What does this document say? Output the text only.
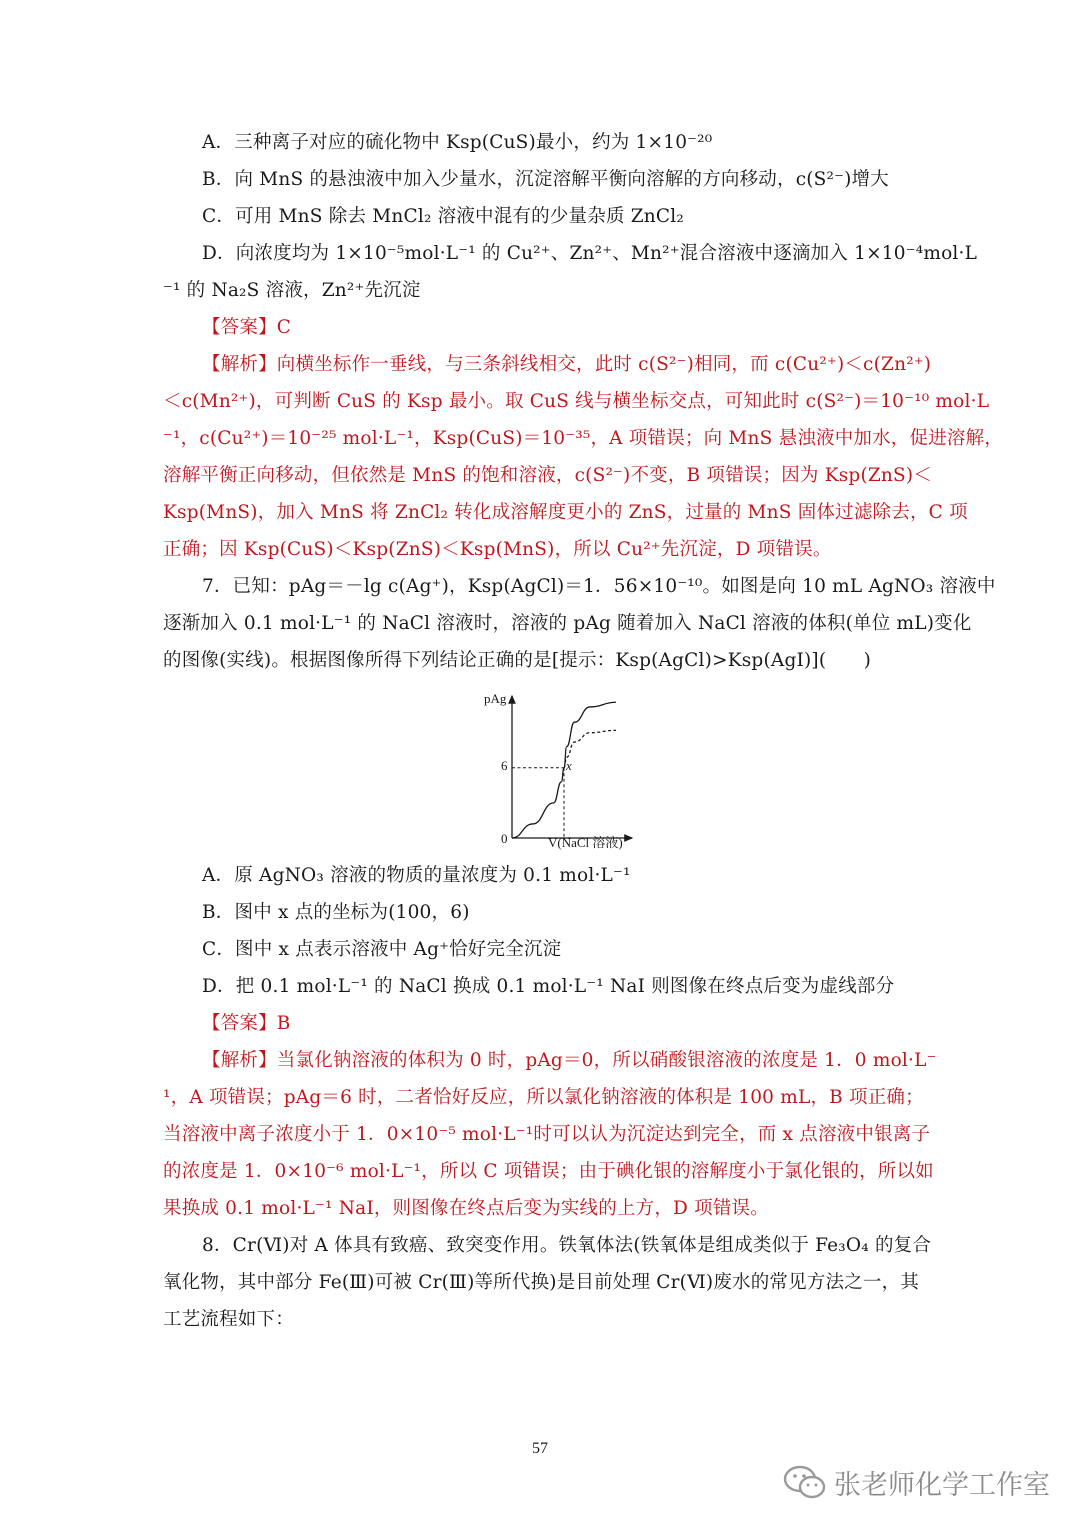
A．三种离子对应的硫化物中 Ksp(CuS)最小，约为 1×10⁻²⁰
B．向 MnS 的悬浊液中加入少量水，沉淀溶解平衡向溶解的方向移动，c(S²⁻)增大
C．可用 MnS 除去 MnCl₂ 溶液中混有的少量杂质 ZnCl₂
D．向浓度均为 1×10⁻⁵mol·L⁻¹ 的 Cu²⁺、Zn²⁺、Mn²⁺混合溶液中逐滴加入 1×10⁻⁴mol·L
⁻¹ 的 Na₂S 溶液，Zn²⁺先沉淀
【答案】C
【解析】向横坐标作一垂线，与三条斜线相交，此时 c(S²⁻)相同，而 c(Cu²⁺)＜c(Zn²⁺)
＜c(Mn²⁺)，可判断 CuS 的 Ksp 最小。取 CuS 线与横坐标交点，可知此时 c(S²⁻)＝10⁻¹⁰ mol·L
⁻¹，c(Cu²⁺)＝10⁻²⁵ mol·L⁻¹，Ksp(CuS)＝10⁻³⁵，A 项错误；向 MnS 悬浊液中加水，促进溶解，
溶解平衡正向移动，但依然是 MnS 的饱和溶液，c(S²⁻)不变，B 项错误；因为 Ksp(ZnS)＜
Ksp(MnS)，加入 MnS 将 ZnCl₂ 转化成溶解度更小的 ZnS，过量的 MnS 固体过滤除去，C 项
正确；因 Ksp(CuS)＜Ksp(ZnS)＜Ksp(MnS)，所以 Cu²⁺先沉淀，D 项错误。
7．已知：pAg＝－lg c(Ag⁺)，Ksp(AgCl)＝1．56×10⁻¹⁰。如图是向 10 mL AgNO₃ 溶液中
逐渐加入 0.1 mol·L⁻¹ 的 NaCl 溶液时，溶液的 pAg 随着加入 NaCl 溶液的体积(单位 mL)变化
的图像(实线)。根据图像所得下列结论正确的是[提示：Ksp(AgCl)>Ksp(AgI)](　　)
pAg
V(NaCl 溶液)
0
6	x
A．原 AgNO₃ 溶液的物质的量浓度为 0.1 mol·L⁻¹
B．图中 x 点的坐标为(100，6)
C．图中 x 点表示溶液中 Ag⁺恰好完全沉淀
D．把 0.1 mol·L⁻¹ 的 NaCl 换成 0.1 mol·L⁻¹ NaI 则图像在终点后变为虚线部分
【答案】B
【解析】当氯化钠溶液的体积为 0 时，pAg＝0，所以硝酸银溶液的浓度是 1．0 mol·L⁻
¹，A 项错误；pAg＝6 时，二者恰好反应，所以氯化钠溶液的体积是 100 mL，B 项正确；
当溶液中离子浓度小于 1．0×10⁻⁵ mol·L⁻¹时可以认为沉淀达到完全，而 x 点溶液中银离子
的浓度是 1．0×10⁻⁶ mol·L⁻¹，所以 C 项错误；由于碘化银的溶解度小于氯化银的，所以如
果换成 0.1 mol·L⁻¹ NaI，则图像在终点后变为实线的上方，D 项错误。
8．Cr(Ⅵ)对 A 体具有致癌、致突变作用。铁氧体法(铁氧体是组成类似于 Fe₃O₄ 的复合
氧化物，其中部分 Fe(Ⅲ)可被 Cr(Ⅲ)等所代换)是目前处理 Cr(Ⅵ)废水的常见方法之一，其
工艺流程如下：
57
张老师化学工作室
